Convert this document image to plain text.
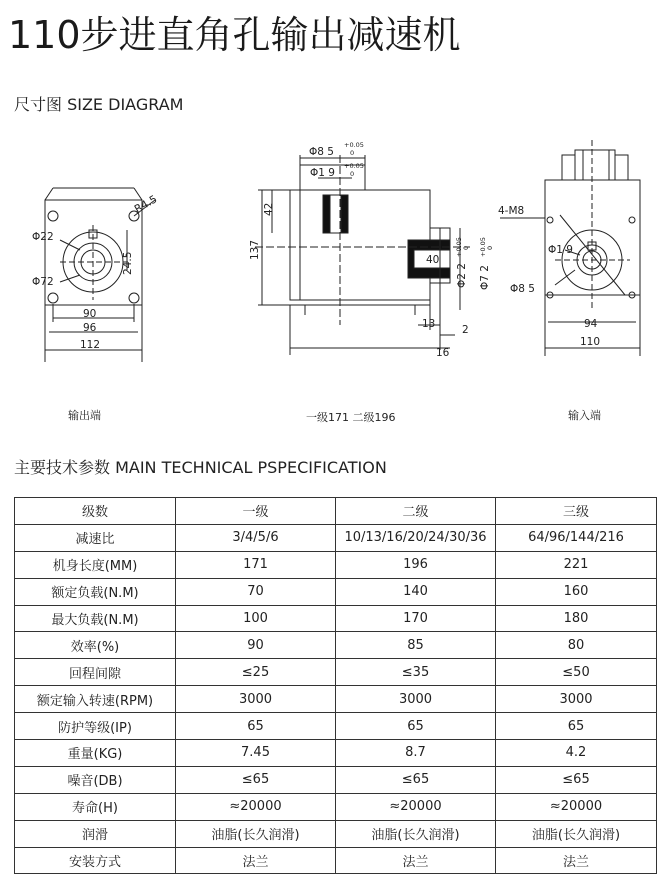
110步进直角孔输出减速机
尺寸图 SIZE DIAGRAM
R4.5
Φ22
Φ72
24.5
90
96
112
Φ8 5
+0.05
0
Φ1 9
+0.05
0
42
137	40
Φ2 2
+0.05 0
Φ7 2
+0.05 0
13	2
16
4-M8
Φ1 9
Φ8 5
94
110
输出端	一级171 二级196	输入端
主要技术参数 MAIN TECHNICAL PSPECIFICATION
级数	一级	二级	三级
减速比	3/4/5/6	10/13/16/20/24/30/36	64/96/144/216
机身长度(MM)	171	196	221
额定负载(N.M)	70	140	160
最大负载(N.M)	100	170	180
效率(%)	90	85	80
回程间隙	≤25	≤35	≤50
额定输入转速(RPM)	3000	3000	3000
防护等级(IP)	65	65	65
重量(KG)	7.45	8.7	4.2
噪音(DB)	≤65	≤65	≤65
寿命(H)	≈20000	≈20000	≈20000
润滑	油脂(长久润滑)	油脂(长久润滑)	油脂(长久润滑)
安装方式	法兰	法兰	法兰
